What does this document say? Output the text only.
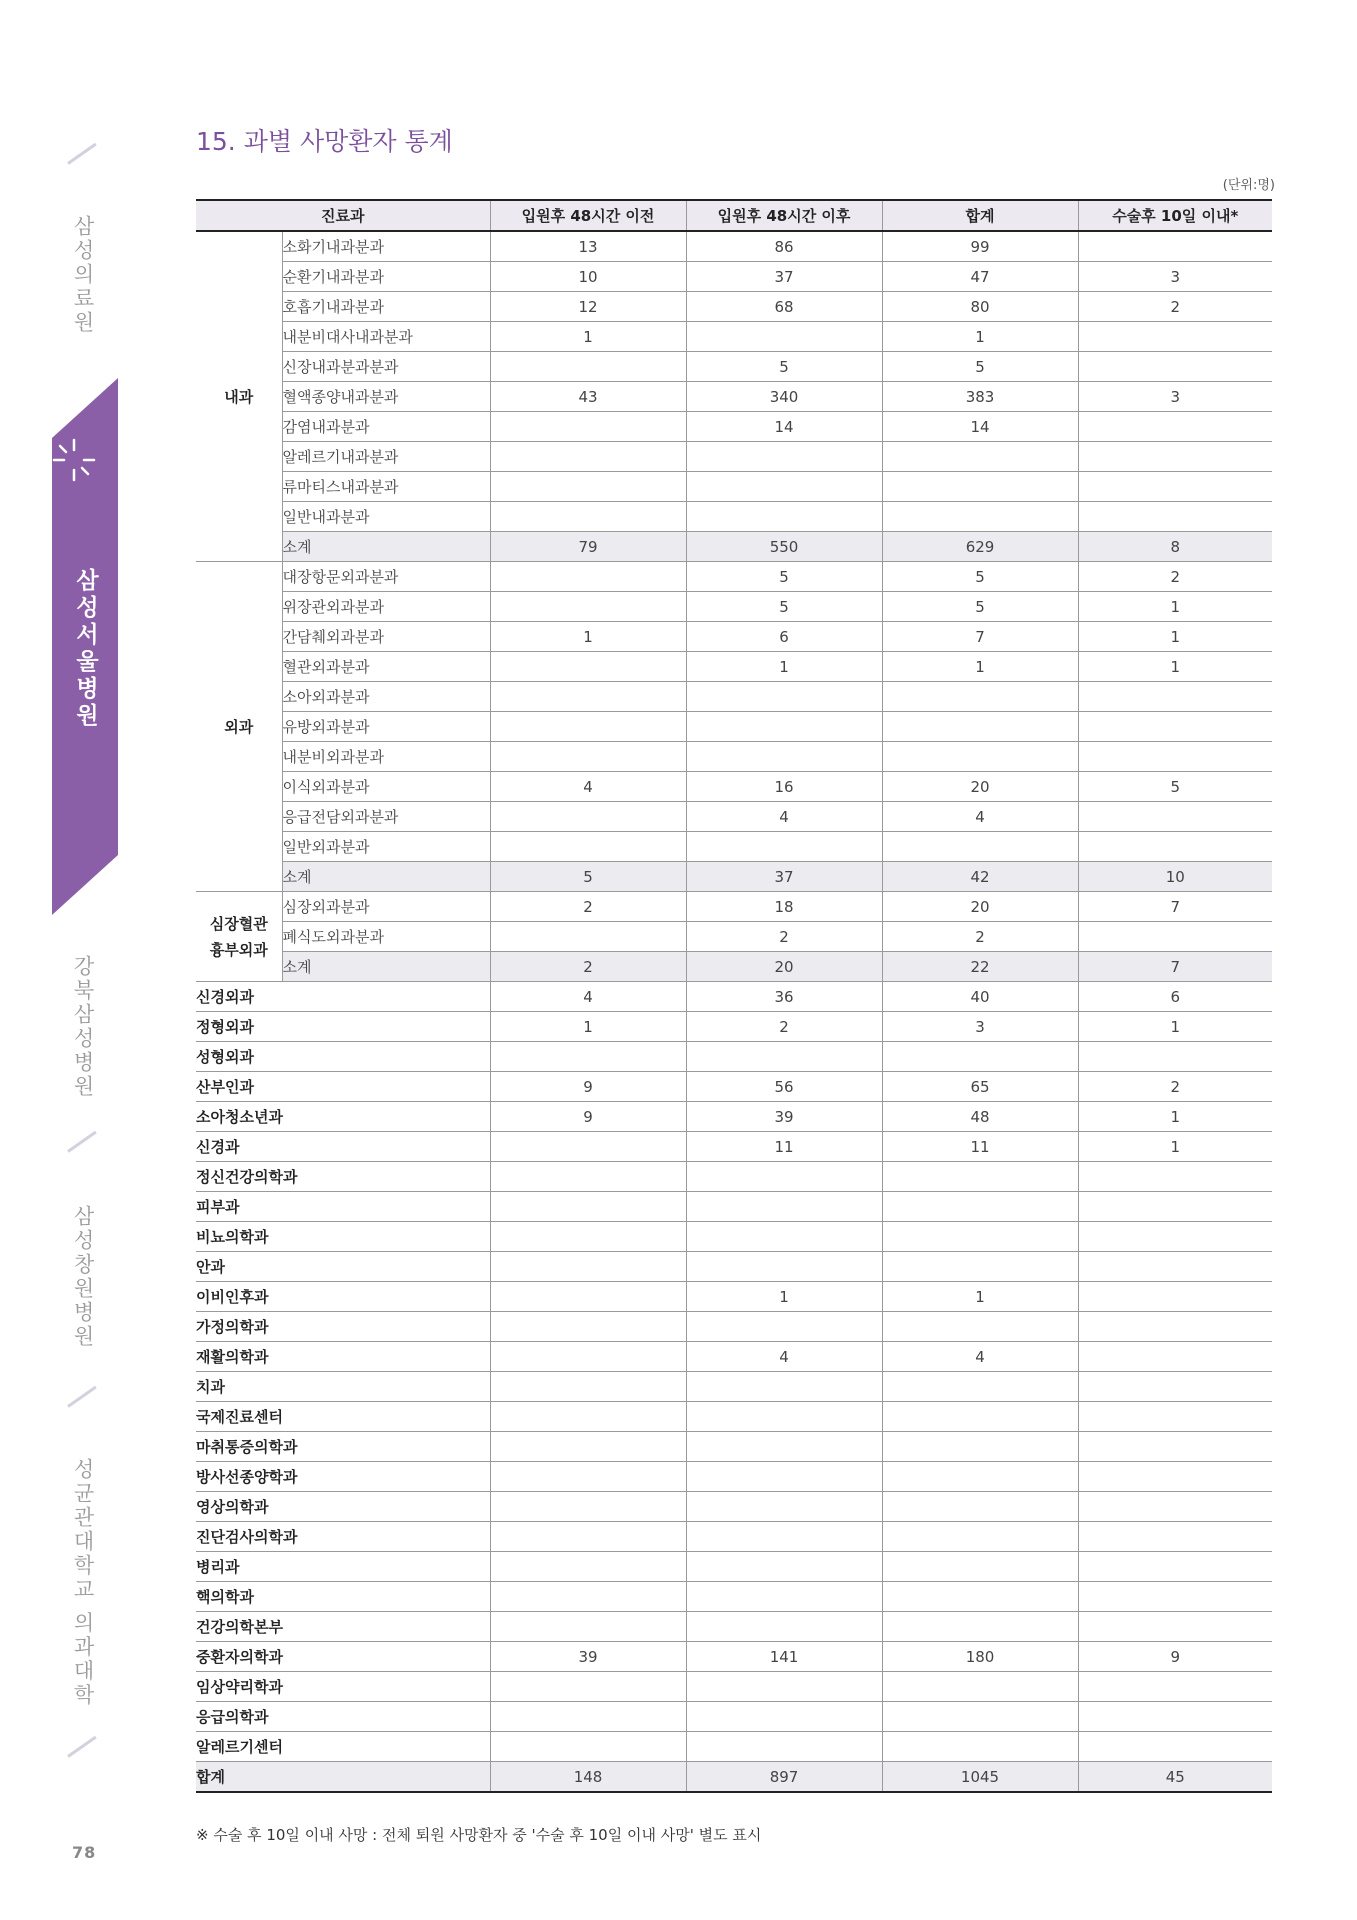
삼성의료원
삼성서울병원
강북삼성병원
삼성창원병원
성균관대학교 의과대학
78
15. 과별 사망환자 통계
(단위:명)
진료과		입원후 48시간 이전	입원후 48시간 이후	합계	수술후 10일 이내*
내과	소화기내과분과	13	86	99	
	순환기내과분과	10	37	47	3
	호흡기내과분과	12	68	80	2
	내분비대사내과분과	1		1	
	신장내과분과분과		5	5	
	혈액종양내과분과	43	340	383	3
	감염내과분과		14	14	
	알레르기내과분과				
	류마티스내과분과				
	일반내과분과				
	소계	79	550	629	8
외과	대장항문외과분과		5	5	2
	위장관외과분과		5	5	1
	간담췌외과분과	1	6	7	1
	혈관외과분과		1	1	1
	소아외과분과				
	유방외과분과				
	내분비외과분과				
	이식외과분과	4	16	20	5
	응급전담외과분과		4	4	
	일반외과분과				
	소계	5	37	42	10
심장혈관
흉부외과	심장외과분과	2	18	20	7
	폐식도외과분과		2	2	
	소계	2	20	22	7
신경외과		4	36	40	6
정형외과		1	2	3	1
성형외과					
산부인과		9	56	65	2
소아청소년과		9	39	48	1
신경과			11	11	1
정신건강의학과					
피부과					
비뇨의학과					
안과					
이비인후과			1	1	
가정의학과					
재활의학과			4	4	
치과					
국제진료센터					
마취통증의학과					
방사선종양학과					
영상의학과					
진단검사의학과					
병리과					
핵의학과					
건강의학본부					
중환자의학과		39	141	180	9
임상약리학과					
응급의학과					
알레르기센터					
합계		148	897	1045	45
※ 수술 후 10일 이내 사망 : 전체 퇴원 사망환자 중 '수술 후 10일 이내 사망' 별도 표시
